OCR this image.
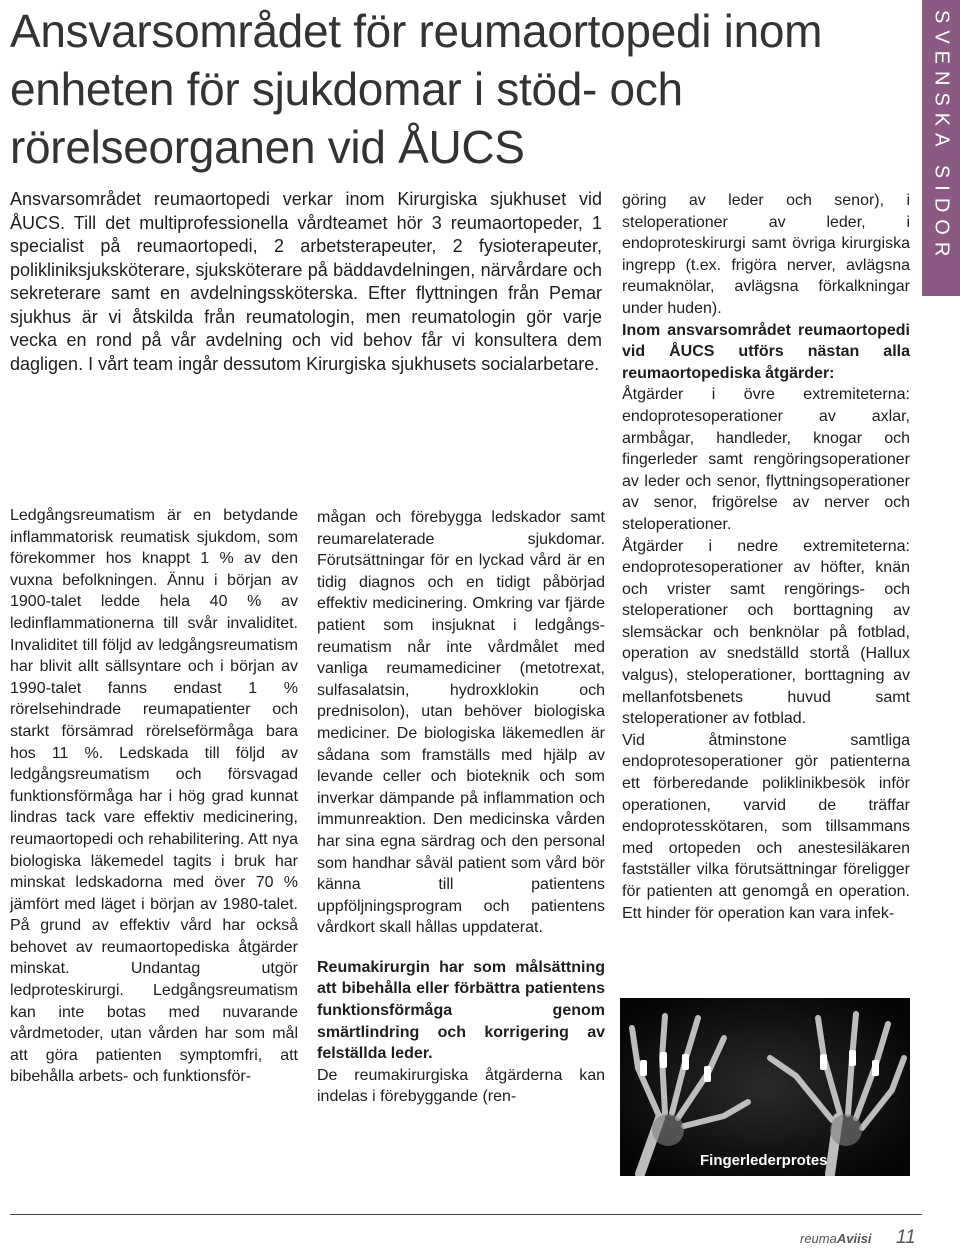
SVENSKA SIDOR
Ansvarsområdet för reumaortopedi inom enheten för sjukdomar i stöd- och rörelseorganen vid ÅUCS

Ansvarsområdet reumaortopedi verkar inom Kirurgiska sjukhuset vid ÅUCS. Till det multiprofessionella vårdteamet hör 3 reumaortopeder, 1 specialist på reumaortopedi, 2 arbetsterapeuter, 2 fysioterapeuter, polikliniksjuksköterare, sjuksköterare på bäddavdelningen, närvårdare och sekreterare samt en avdelningssköterska. Efter flyttningen från Pemar sjukhus är vi åtskilda från reumatologin, men reumatologin gör varje vecka en rond på vår avdelning och vid behov får vi konsultera dem dagligen. I vårt team ingår dessutom Kirurgiska sjukhusets socialarbetare.

Ledgångsreumatism är en betydande inflammatorisk reumatisk sjukdom, som förekommer hos knappt 1 % av den vuxna befolkningen. Ännu i början av 1900-talet ledde hela 40 % av ledinflammationerna till svår invaliditet. Invaliditet till följd av ledgångsreumatism har blivit allt sällsyntare och i början av 1990-talet fanns endast 1 % rörelsehindrade reumapatienter och starkt försämrad rörelseförmåga bara hos 11 %. Ledskada till följd av ledgångsreumatism och försvagad funktionsförmåga har i hög grad kunnat lindras tack vare effektiv medicinering, reumaortopedi och rehabilitering. Att nya biologiska läkemedel tagits i bruk har minskat ledskadorna med över 70 % jämfört med läget i början av 1980-talet. På grund av effektiv vård har också behovet av reumaortopediska åtgärder minskat. Undantag utgör ledproteskirurgi. Ledgångsreumatism kan inte botas med nuvarande vårdmetoder, utan vården har som mål att göra patienten symptomfri, att bibehålla arbets- och funktionsför-

mågan och förebygga ledskador samt reumarelaterade sjukdomar. Förutsättningar för en lyckad vård är en tidig diagnos och en tidigt påbörjad effektiv medicinering. Omkring var fjärde patient som insjuknat i ledgångs-reumatism når inte vårdmålet med vanliga reumamediciner (metotrexat, sulfasalatsin, hydroxklokin och prednisolon), utan behöver biologiska mediciner. De biologiska läkemedlen är sådana som framställs med hjälp av levande celler och bioteknik och som inverkar dämpande på inflammation och immunreaktion. Den medicinska vården har sina egna särdrag och den personal som handhar såväl patient som vård bör känna till patientens uppföljningsprogram och patientens vårdkort skall hållas uppdaterat.

Reumakirurgin har som målsättning att bibehålla eller förbättra patientens funktionsförmåga genom smärtlindring och korrigering av felställda leder.

De reumakirurgiska åtgärderna kan indelas i förebyggande (ren-

göring av leder och senor), i steloperationer av leder, i endoproteskirurgi samt övriga kirurgiska ingrepp (t.ex. frigöra nerver, avlägsna reumaknölar, avlägsna förkalkningar under huden).

Inom ansvarsområdet reumaortopedi vid ÅUCS utförs nästan alla reumaortopediska åtgärder:

Åtgärder i övre extremiteterna: endoprotesoperationer av axlar, armbågar, handleder, knogar och fingerleder samt rengöringsoperationer av leder och senor, flyttningsoperationer av senor, frigörelse av nerver och steloperationer.

Åtgärder i nedre extremiteterna: endoprotesoperationer av höfter, knän och vrister samt rengörings- och steloperationer och borttagning av slemsäckar och benknölar på fotblad, operation av snedställd stortå (Hallux valgus), steloperationer, borttagning av mellanfotsbenets huvud samt steloperationer av fotblad.

Vid åtminstone samtliga endoprotesoperationer gör patienterna ett förberedande poliklinikbesök inför operationen, varvid de träffar endoprotesskötaren, som tillsammans med ortopeden och anestesiläkaren fastställer vilka förutsättningar föreligger för patienten att genomgå en operation. Ett hinder för operation kan vara infek-

Fingerlederprotes
reumaAviisi 11
